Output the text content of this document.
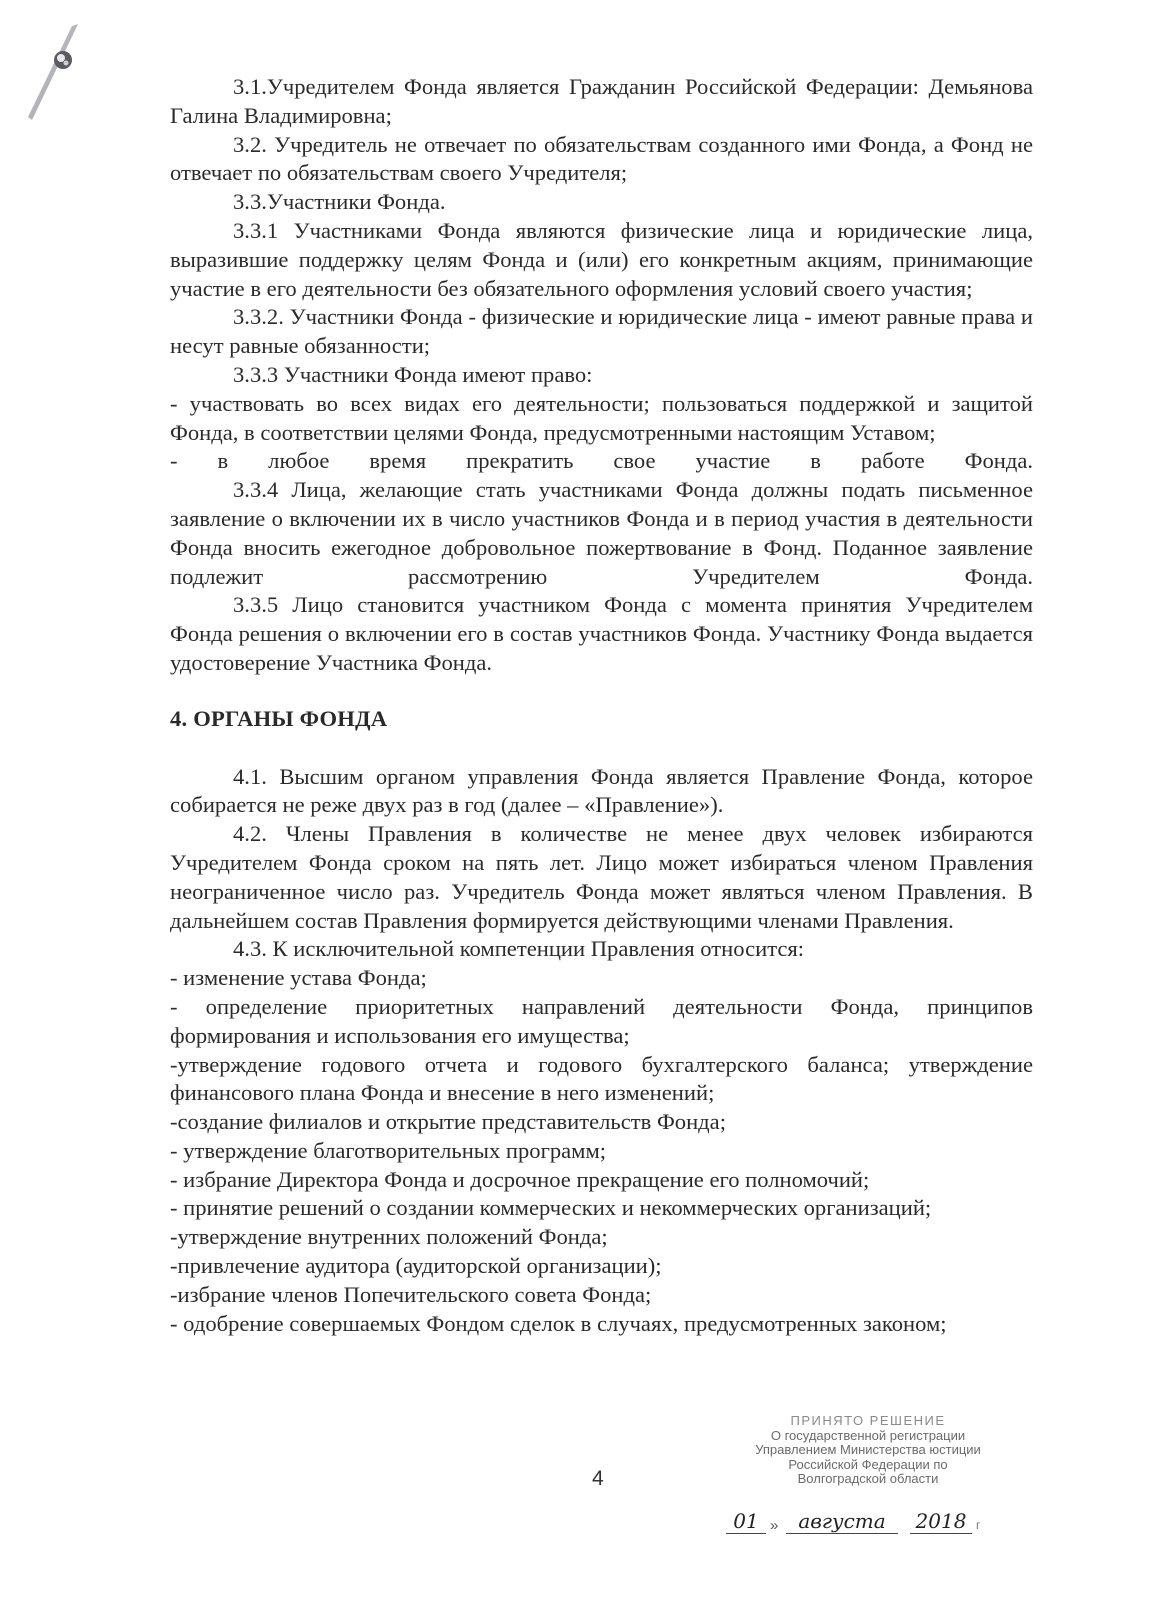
3.1.Учредителем Фонда является Гражданин Российской Федерации: Демьянова Галина Владимировна;

3.2. Учредитель не отвечает по обязательствам созданного ими Фонда, а Фонд не отвечает по обязательствам своего Учредителя;

3.3.Участники Фонда.

3.3.1 Участниками Фонда являются физические лица и юридические лица, выразившие поддержку целям Фонда и (или) его конкретным акциям, принимающие участие в его деятельности без обязательного оформления условий своего участия;

3.3.2. Участники Фонда - физические и юридические лица - имеют равные права и несут равные обязанности;

3.3.3 Участники Фонда имеют право:

- участвовать во всех видах его деятельности; пользоваться поддержкой и защитой Фонда, в соответствии целями Фонда, предусмотренными настоящим Уставом;

- в любое время прекратить свое участие в работе Фонда.

3.3.4 Лица, желающие стать участниками Фонда должны подать письменное заявление о включении их в число участников Фонда и в период участия в деятельности Фонда вносить ежегодное добровольное пожертвование в Фонд. Поданное заявление подлежит рассмотрению Учредителем Фонда.

3.3.5 Лицо становится участником Фонда с момента принятия Учредителем Фонда решения о включении его в состав участников Фонда. Участнику Фонда выдается удостоверение Участника Фонда.

4. ОРГАНЫ ФОНДА

4.1. Высшим органом управления Фонда является Правление Фонда, которое собирается не реже двух раз в год (далее – «Правление»).

4.2. Члены Правления в количестве не менее двух человек избираются Учредителем Фонда сроком на пять лет. Лицо может избираться членом Правления неограниченное число раз. Учредитель Фонда может являться членом Правления. В дальнейшем состав Правления формируется действующими членами Правления.

4.3. К исключительной компетенции Правления относится:

- изменение устава Фонда;

- определение приоритетных направлений деятельности Фонда, принципов формирования и использования его имущества;

-утверждение годового отчета и годового бухгалтерского баланса; утверждение финансового плана Фонда и внесение в него изменений;

-создание филиалов и открытие представительств Фонда;

- утверждение благотворительных программ;

- избрание Директора Фонда и досрочное прекращение его полномочий;

- принятие решений о создании коммерческих и некоммерческих организаций;

-утверждение внутренних положений Фонда;

-привлечение аудитора (аудиторской организации);

-избрание членов Попечительского совета Фонда;

- одобрение совершаемых Фондом сделок в случаях, предусмотренных законом;

4
ПРИНЯТО РЕШЕНИЕ
О государственной регистрации
Управлением Министерства юстиции
Российской Федерации по
Волгоградской области
01 » августа	2018 г
